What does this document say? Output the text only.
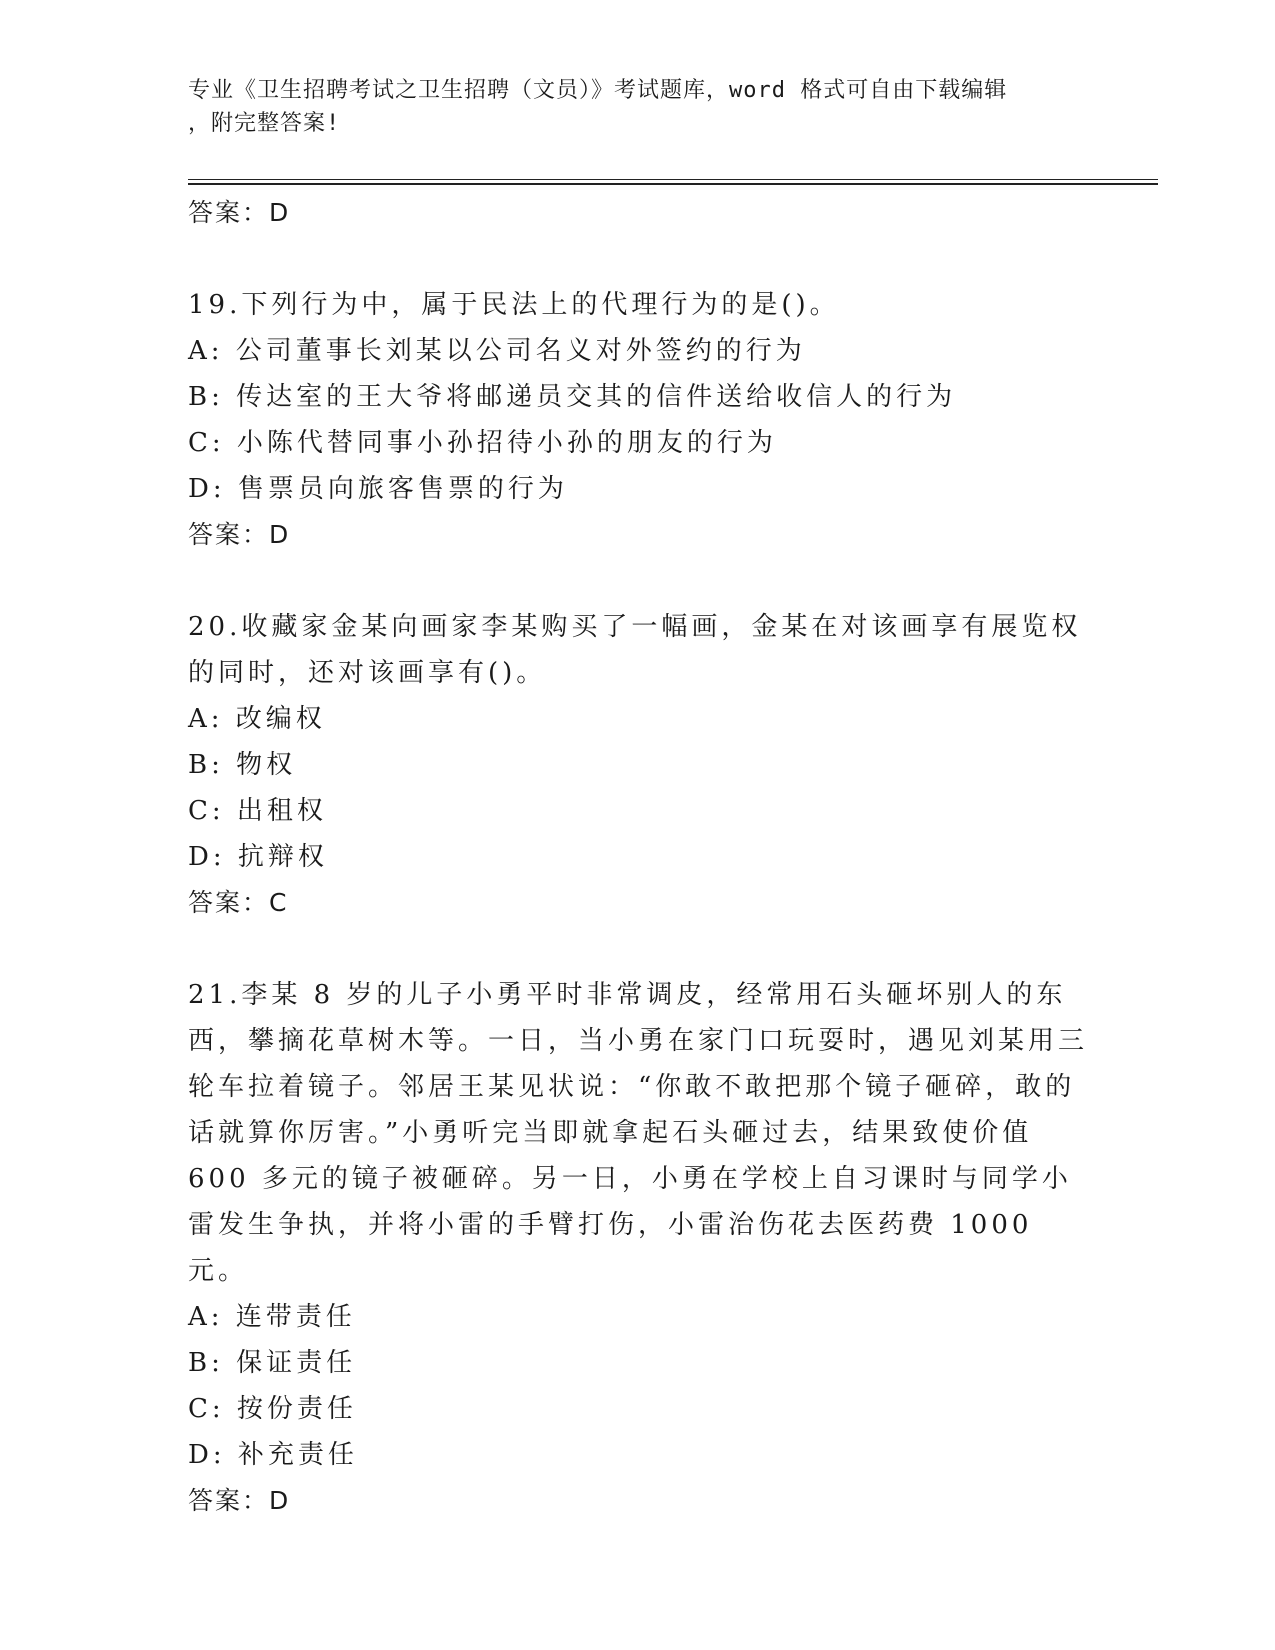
专业《卫生招聘考试之卫生招聘（文员）》考试题库，word 格式可自由下载编辑
，附完整答案!
答案：D
19.下列行为中，属于民法上的代理行为的是()。
A: 公司董事长刘某以公司名义对外签约的行为
B: 传达室的王大爷将邮递员交其的信件送给收信人的行为
C: 小陈代替同事小孙招待小孙的朋友的行为
D: 售票员向旅客售票的行为
答案：D
20.收藏家金某向画家李某购买了一幅画，金某在对该画享有展览权的同时，还对该画享有()。
A: 改编权
B: 物权
C: 出租权
D: 抗辩权
答案：C
21.李某 8 岁的儿子小勇平时非常调皮，经常用石头砸坏别人的东西，攀摘花草树木等。一日，当小勇在家门口玩耍时，遇见刘某用三轮车拉着镜子。邻居王某见状说：“你敢不敢把那个镜子砸碎，敢的话就算你厉害。”小勇听完当即就拿起石头砸过去，结果致使价值 600 多元的镜子被砸碎。另一日，小勇在学校上自习课时与同学小雷发生争执，并将小雷的手臂打伤，小雷治伤花去医药费 1000 元。
A: 连带责任
B: 保证责任
C: 按份责任
D: 补充责任
答案：D
